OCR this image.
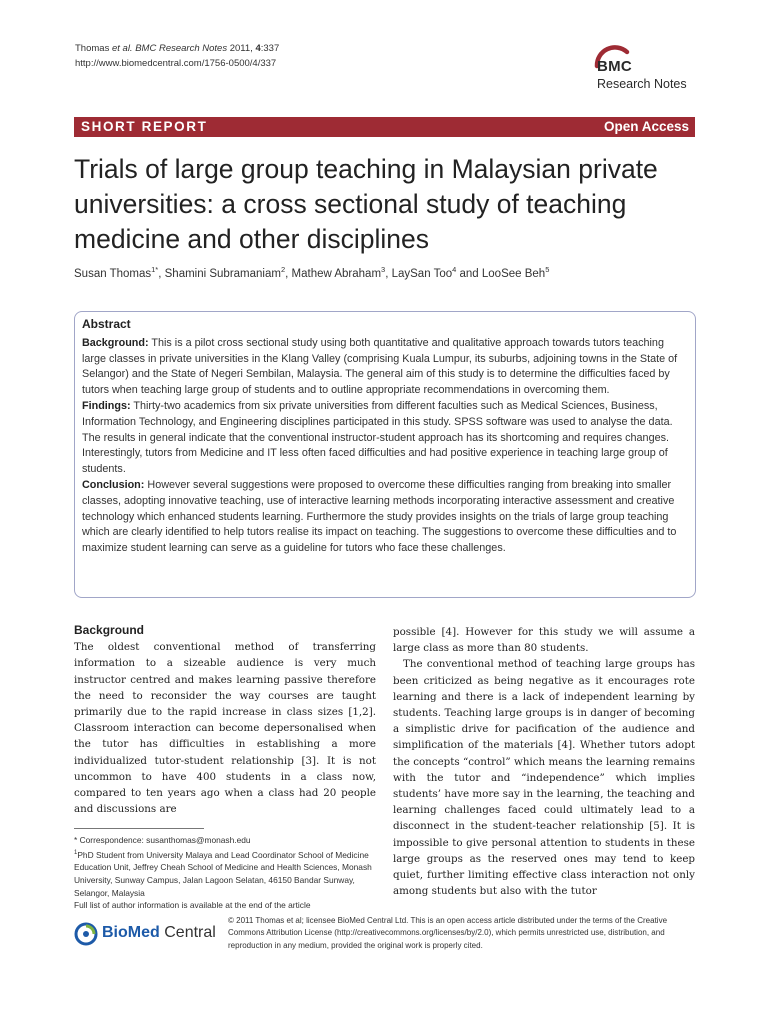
Thomas et al. BMC Research Notes 2011, 4:337
http://www.biomedcentral.com/1756-0500/4/337	BMC
Research Notes
SHORT REPORT	Open Access
Trials of large group teaching in Malaysian private universities: a cross sectional study of teaching medicine and other disciplines
Susan Thomas$^{1*}$, Shamini Subramaniam$^2$, Mathew Abraham$^3$, LaySan Too$^4$ and LooSee Beh$^5$
Abstract

Background: This is a pilot cross sectional study using both quantitative and qualitative approach towards tutors teaching large classes in private universities in the Klang Valley (comprising Kuala Lumpur, its suburbs, adjoining towns in the State of Selangor) and the State of Negeri Sembilan, Malaysia. The general aim of this study is to determine the difficulties faced by tutors when teaching large group of students and to outline appropriate recommendations in overcoming them.

Findings: Thirty-two academics from six private universities from different faculties such as Medical Sciences, Business, Information Technology, and Engineering disciplines participated in this study. SPSS software was used to analyse the data. The results in general indicate that the conventional instructor-student approach has its shortcoming and requires changes. Interestingly, tutors from Medicine and IT less often faced difficulties and had positive experience in teaching large group of students.

Conclusion: However several suggestions were proposed to overcome these difficulties ranging from breaking into smaller classes, adopting innovative teaching, use of interactive learning methods incorporating interactive assessment and creative technology which enhanced students learning. Furthermore the study provides insights on the trials of large group teaching which are clearly identified to help tutors realise its impact on teaching. The suggestions to overcome these difficulties and to maximize student learning can serve as a guideline for tutors who face these challenges.

Background

The oldest conventional method of transferring information to a sizeable audience is very much instructor centred and makes learning passive therefore the need to reconsider the way courses are taught primarily due to the rapid increase in class sizes [1,2]. Classroom interaction can become depersonalised when the tutor has difficulties in establishing a more individualized tutor-student relationship [3]. It is not uncommon to have 400 students in a class now, compared to ten years ago when a class had 20 people and discussions are

possible [4]. However for this study we will assume a large class as more than 80 students.

The conventional method of teaching large groups has been criticized as being negative as it encourages rote learning and there is a lack of independent learning by students. Teaching large groups is in danger of becoming a simplistic drive for pacification of the audience and simplification of the materials [4]. Whether tutors adopt the concepts “control” which means the learning remains with the tutor and “independence” which implies students’ have more say in the learning, the teaching and learning challenges faced could ultimately lead to a disconnect in the student-teacher relationship [5]. It is impossible to give personal attention to students in these large groups as the reserved ones may tend to keep quiet, further limiting effective class interaction not only among students but also with the tutor

* Correspondence: susanthomas@monash.edu

$^1$PhD Student from University Malaya and Lead Coordinator School of Medicine Education Unit, Jeffrey Cheah School of Medicine and Health Sciences, Monash University, Sunway Campus, Jalan Lagoon Selatan, 46150 Bandar Sunway, Selangor, Malaysia

Full list of author information is available at the end of the article

BioMed Central
© 2011 Thomas et al; licensee BioMed Central Ltd. This is an open access article distributed under the terms of the Creative Commons Attribution License (http://creativecommons.org/licenses/by/2.0), which permits unrestricted use, distribution, and reproduction in any medium, provided the original work is properly cited.
